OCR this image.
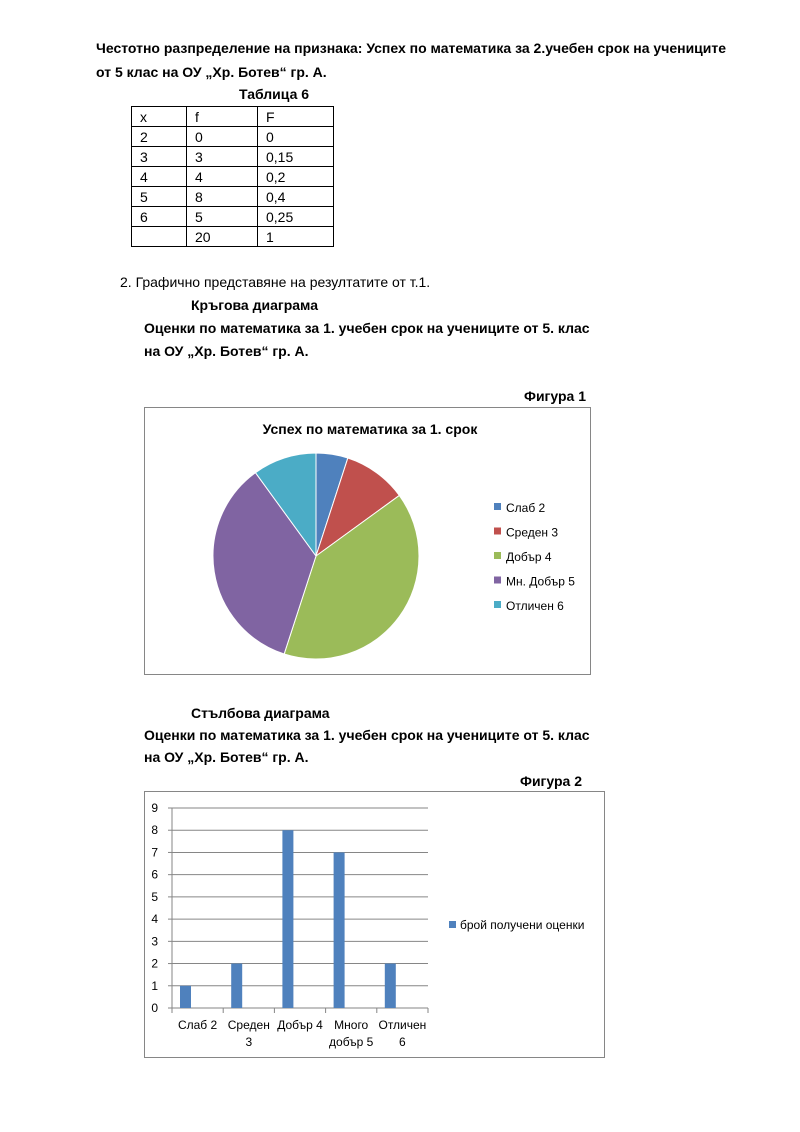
Честотно разпределение на признака: Успех по математика за 2.учебен срок на учениците
от 5 клас на ОУ „Хр. Ботев“ гр. А.
Таблица 6
x	f	F
2	0	0
3	3	0,15
4	4	0,2
5	8	0,4
6	5	0,25
	20	1
2. Графично представяне на резултатите от т.1.
Кръгова диаграма
Оценки по математика за 1. учебен срок на учениците от 5. клас
на ОУ „Хр. Ботев“ гр. А.
Фигура 1
Успех по математика за 1. срок
Слаб 2
Среден 3
Добър 4
Мн. Добър 5
Отличен 6
Стълбова диаграма
Оценки по математика за 1. учебен срок на учениците от 5. клас
на ОУ „Хр. Ботев“ гр. А.
Фигура 2
0
1
2
3
4
5
6
7
8
9
Слаб 2 Среден
3
Добър 4 Много
добър 5
Отличен
6
брой получени оценки
